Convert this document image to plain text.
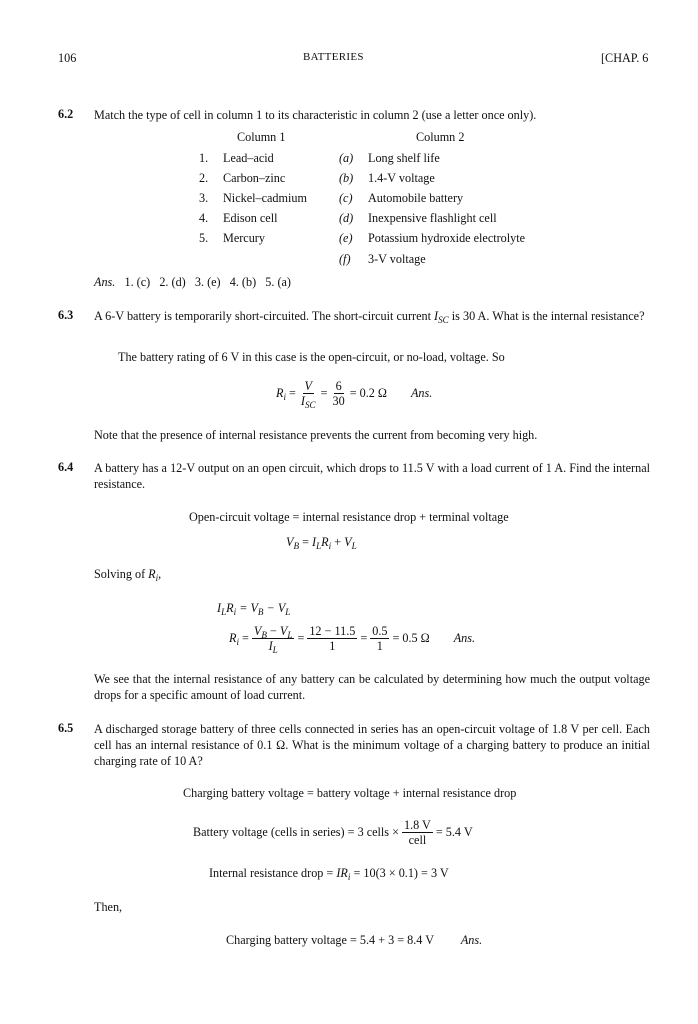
106	BATTERIES	[CHAP. 6
6.2 Match the type of cell in column 1 to its characteristic in column 2 (use a letter once only).
Column 1	Column 2
1.	Lead–acid	(a)	Long shelf life
2.	Carbon–zinc	(b)	1.4-V voltage
3.	Nickel–cadmium	(c)	Automobile battery
4.	Edison cell	(d)	Inexpensive flashlight cell
5.	Mercury	(e)	Potassium hydroxide electrolyte
		(f)	3-V voltage
Ans. 1. (c) 2. (d) 3. (e) 4. (b) 5. (a)
6.3 A 6-V battery is temporarily short-circuited. The short-circuit current $I_{SC}$ is 30 A. What is the internal resistance?
The battery rating of 6 V in this case is the open-circuit, or no-load, voltage. So
$R_i = \frac{V}{I_{SC}} = \frac{6}{30} = 0.2$ Ω Ans.
Note that the presence of internal resistance prevents the current from becoming very high.
6.4 A battery has a 12-V output on an open circuit, which drops to 11.5 V with a load current of 1 A. Find the internal resistance.
Open-circuit voltage = internal resistance drop + terminal voltage
$V_B = I_LR_i + V_L$
Solving of $R_i$,
$I_LR_i = V_B - V_L$
$R_i = \frac{V_B - V_L}{I_L} = \frac{12 - 11.5}{1} = \frac{0.5}{1} = 0.5$ Ω Ans.
We see that the internal resistance of any battery can be calculated by determining how much the output voltage drops for a specific amount of load current.
6.5 A discharged storage battery of three cells connected in series has an open-circuit voltage of 1.8 V per cell. Each cell has an internal resistance of 0.1 Ω. What is the minimum voltage of a charging battery to produce an initial charging rate of 10 A?
Charging battery voltage = battery voltage + internal resistance drop
Battery voltage (cells in series) = 3 cells × $\frac{1.8 V}{\text{cell}} = 5.4$ V
Internal resistance drop = $IR_i = 10(3 \times 0.1) = 3$ V
Then,
Charging battery voltage = 5.4 + 3 = 8.4 V Ans.
